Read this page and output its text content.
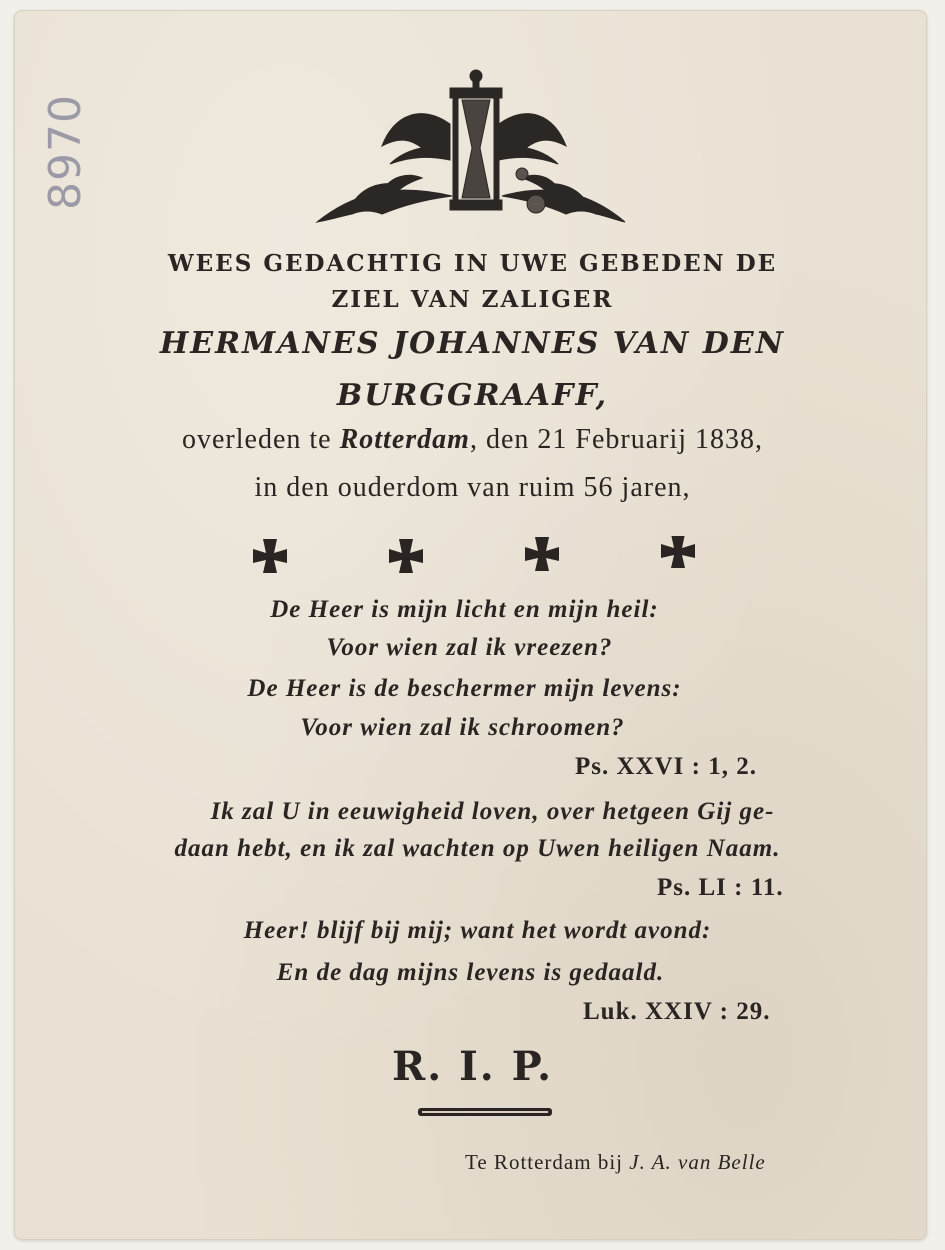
8970
WEES GEDACHTIG IN UWE GEBEDEN DE
ZIEL VAN ZALIGER
HERMANES JOHANNES VAN DEN
BURGGRAAFF,
overleden te Rotterdam, den 21 Februarij 1838,
in den ouderdom van ruim 56 jaren,
De Heer is mijn licht en mijn heil:
Voor wien zal ik vreezen?
De Heer is de beschermer mijn levens:
Voor wien zal ik schroomen?
Ps. XXVI : 1, 2.
Ik zal U in eeuwigheid loven, over hetgeen Gij ge-
daan hebt, en ik zal wachten op Uwen heiligen Naam.
Ps. LI : 11.
Heer! blijf bij mij; want het wordt avond:
En de dag mijns levens is gedaald.
Luk. XXIV : 29.
R. I. P.
Te Rotterdam bij J. A. van Belle
